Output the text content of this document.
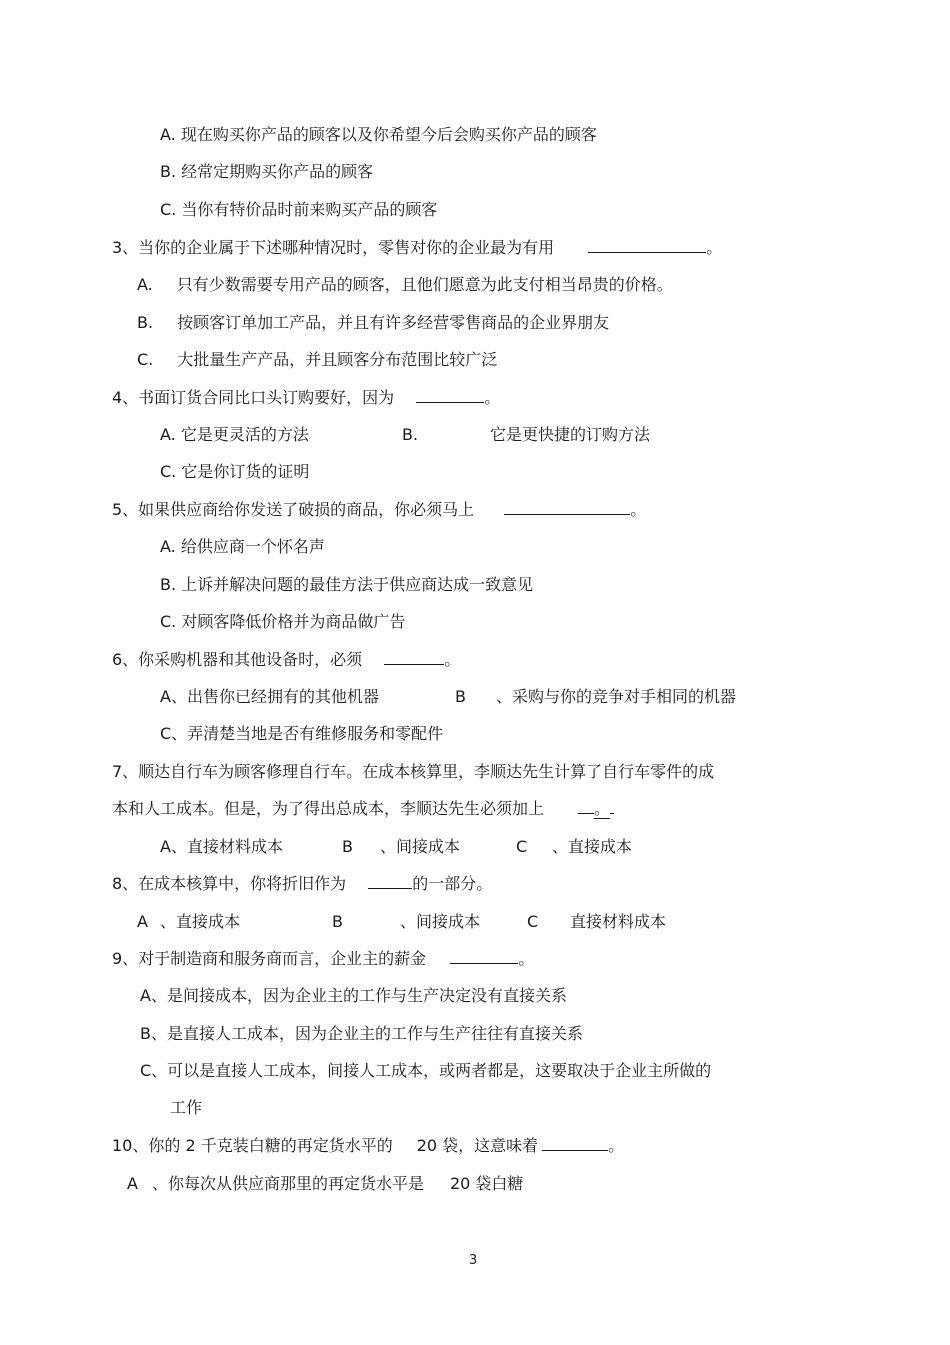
A. 现在购买你产品的顾客以及你希望今后会购买你产品的顾客
B. 经常定期购买你产品的顾客
C. 当你有特价品时前来购买产品的顾客
3、当你的企业属于下述哪种情况时，零售对你的企业最为有用	。
A. 只有少数需要专用产品的顾客，且他们愿意为此支付相当昂贵的价格。
B. 按顾客订单加工产品，并且有许多经营零售商品的企业界朋友
C. 大批量生产产品，并且顾客分布范围比较广泛
4、书面订货合同比口头订购要好，因为	。
A. 它是更灵活的方法	B.	它是更快捷的订购方法
C. 它是你订货的证明
5、如果供应商给你发送了破损的商品，你必须马上	。
A. 给供应商一个怀名声
B. 上诉并解决问题的最佳方法于供应商达成一致意见
C. 对顾客降低价格并为商品做广告
6、你采购机器和其他设备时，必须	。
A、出售你已经拥有的其他机器	B 、采购与你的竞争对手相同的机器
C、弄清楚当地是否有维修服务和零配件
7、顺达自行车为顾客修理自行车。在成本核算里，李顺达先生计算了自行车零件的成
本和人工成本。但是，为了得出总成本，李顺达先生必须加上	。
A、直接材料成本	B 、间接成本	C 、直接成本
8、在成本核算中，你将折旧作为	的一部分。
A 、直接成本	B	、间接成本	C 直接材料成本
9、对于制造商和服务商而言，企业主的薪金	。
A、是间接成本，因为企业主的工作与生产决定没有直接关系
B、是直接人工成本，因为企业主的工作与生产往往有直接关系
C、可以是直接人工成本，间接人工成本，或两者都是，这要取决于企业主所做的
工作
10、你的 2 千克装白糖的再定货水平的 20 袋，这意味着	。
A 、你每次从供应商那里的再定货水平是 20 袋白糖
3
